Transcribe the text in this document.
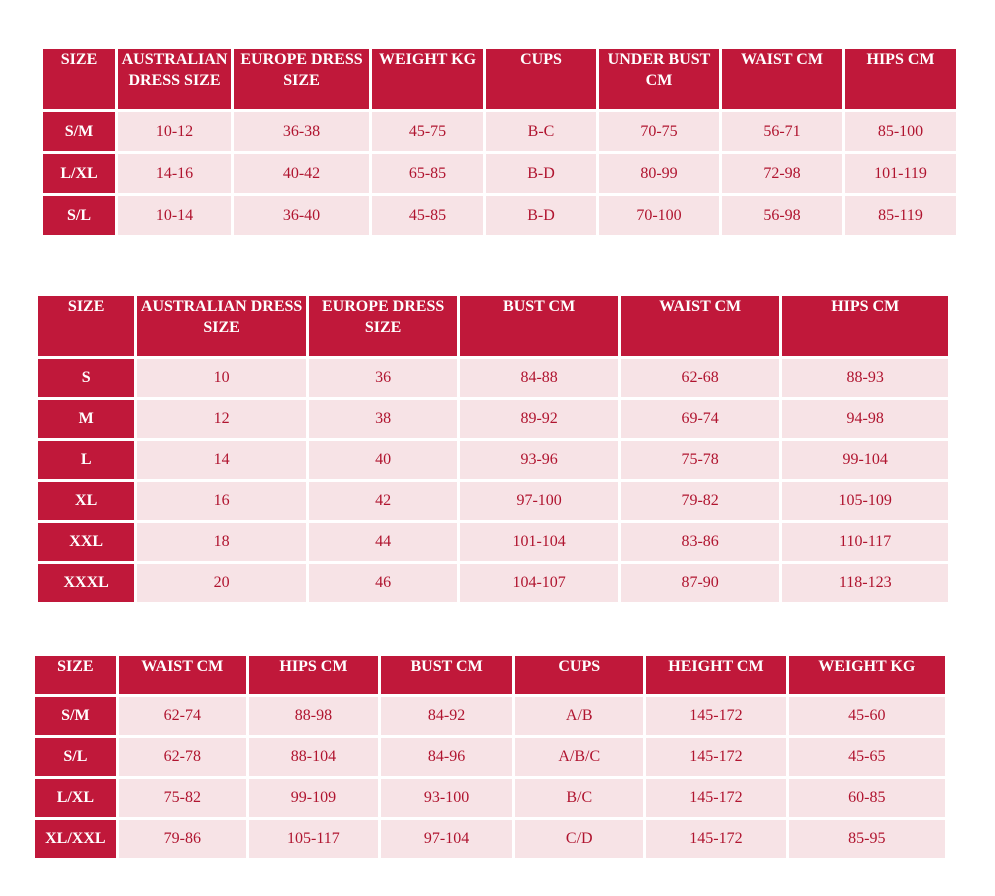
SIZE	AUSTRALIAN DRESS SIZE	EUROPE DRESS SIZE	WEIGHT KG	CUPS	UNDER BUST CM	WAIST CM	HIPS CM
S/M	10-12	36-38	45-75	B-C	70-75	56-71	85-100
L/XL	14-16	40-42	65-85	B-D	80-99	72-98	101-119
S/L	10-14	36-40	45-85	B-D	70-100	56-98	85-119
SIZE	AUSTRALIAN DRESS SIZE	EUROPE DRESS SIZE	BUST CM	WAIST CM	HIPS CM
S	10	36	84-88	62-68	88-93
M	12	38	89-92	69-74	94-98
L	14	40	93-96	75-78	99-104
XL	16	42	97-100	79-82	105-109
XXL	18	44	101-104	83-86	110-117
XXXL	20	46	104-107	87-90	118-123
SIZE	WAIST CM	HIPS CM	BUST CM	CUPS	HEIGHT CM	WEIGHT KG
S/M	62-74	88-98	84-92	A/B	145-172	45-60
S/L	62-78	88-104	84-96	A/B/C	145-172	45-65
L/XL	75-82	99-109	93-100	B/C	145-172	60-85
XL/XXL	79-86	105-117	97-104	C/D	145-172	85-95
